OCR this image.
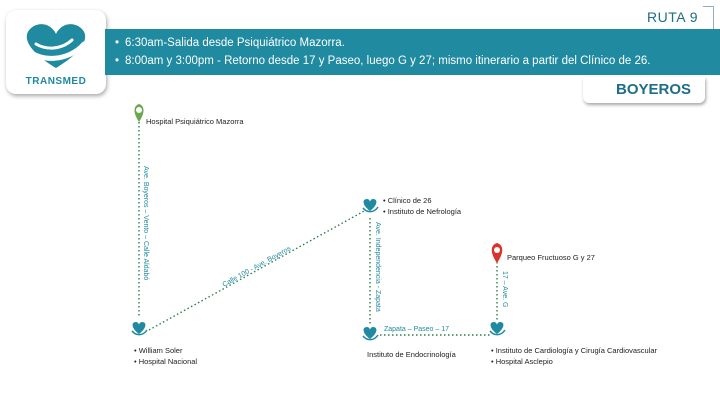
TRANSMED
RUTA 9
• 6:30am-Salida desde Psiquiátrico Mazorra.
• 8:00am y 3:00pm - Retorno desde 17 y Paseo, luego G y 27; mismo itinerario a partir del Clínico de 26.
BOYEROS
Hospital Psiquiátrico Mazorra
• William Soler
• Hospital Nacional
• Clínico de 26
• Instituto de Nefrología
Instituto de Endocrinología	• Instituto de Cardiología y Cirugía Cardiovascular
• Hospital Asclepio
Parqueo Fructuoso G y 27
Ave. Boyeros – Vento – Calle Aldabó	Calle 100 - Ave. Boyeros	Ave. Independencia - Zapata
Zapata – Paseo – 17
17 – Ave. G
